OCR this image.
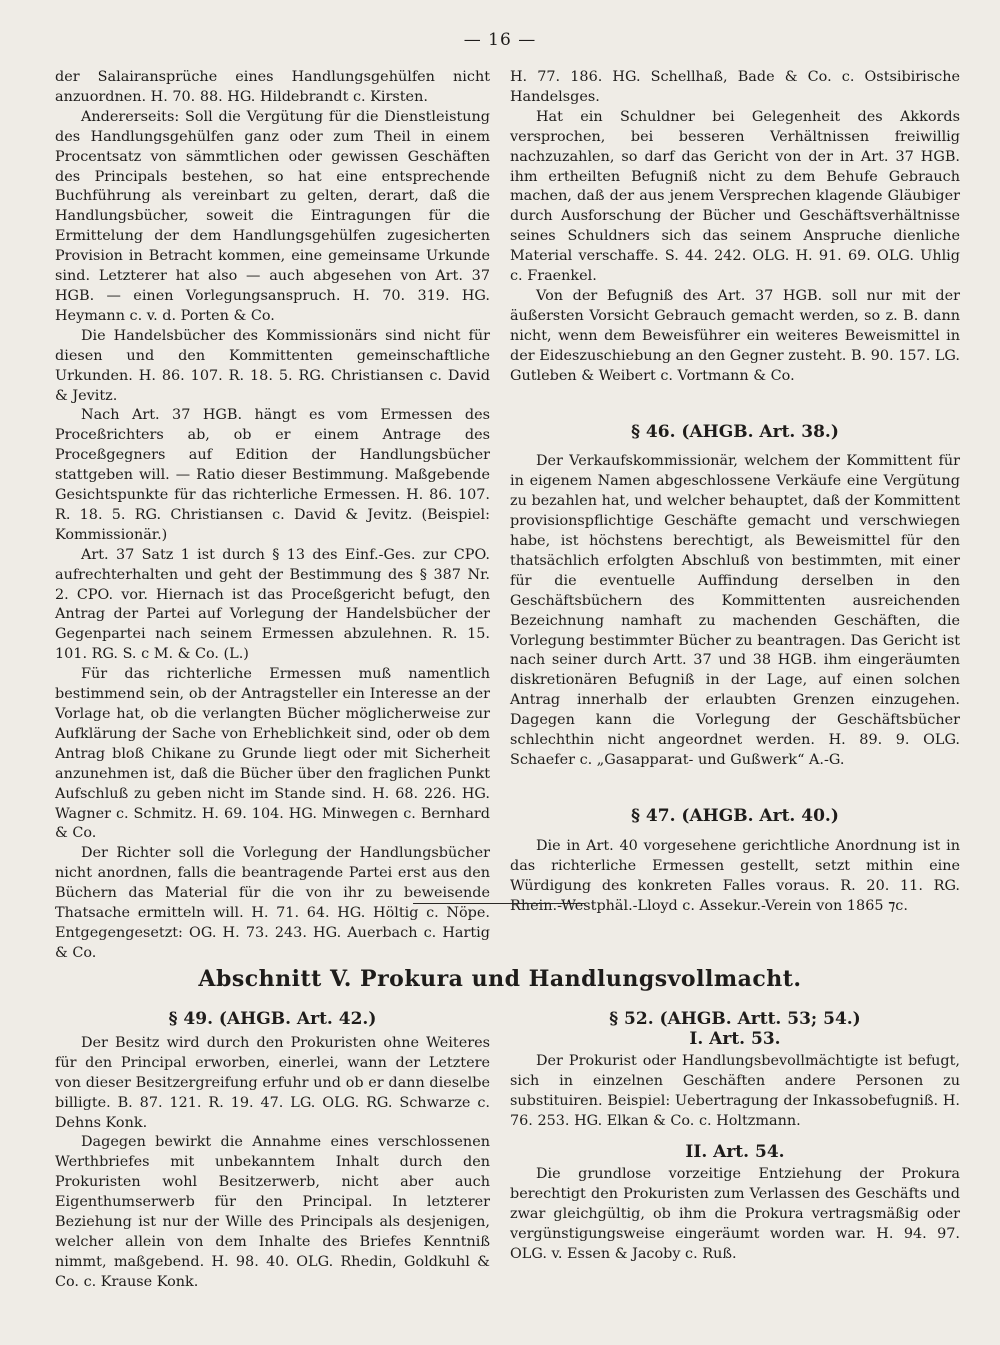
— 16 —

der Salairansprüche eines Handlungsgehülfen nicht anzuordnen. H. 70. 88. HG. Hildebrandt c. Kirsten.

Andererseits: Soll die Vergütung für die Dienstleistung des Handlungsgehülfen ganz oder zum Theil in einem Procentsatz von sämmtlichen oder gewissen Geschäften des Principals bestehen, so hat eine entsprechende Buchführung als vereinbart zu gelten, derart, daß die Handlungsbücher, soweit die Eintragungen für die Ermittelung der dem Handlungsgehülfen zugesicherten Provision in Betracht kommen, eine gemeinsame Urkunde sind. Letzterer hat also — auch abgesehen von Art. 37 HGB. — einen Vorlegungsanspruch. H. 70. 319. HG. Heymann c. v. d. Porten & Co.

Die Handelsbücher des Kommissionärs sind nicht für diesen und den Kommittenten gemeinschaftliche Urkunden. H. 86. 107. R. 18. 5. RG. Christiansen c. David & Jevitz.

Nach Art. 37 HGB. hängt es vom Ermessen des Proceßrichters ab, ob er einem Antrage des Proceßgegners auf Edition der Handlungsbücher stattgeben will. — Ratio dieser Bestimmung. Maßgebende Gesichtspunkte für das richterliche Ermessen. H. 86. 107. R. 18. 5. RG. Christiansen c. David & Jevitz. (Beispiel: Kommissionär.)

Art. 37 Satz 1 ist durch § 13 des Einf.-Ges. zur CPO. aufrechterhalten und geht der Bestimmung des § 387 Nr. 2. CPO. vor. Hiernach ist das Proceßgericht befugt, den Antrag der Partei auf Vorlegung der Handelsbücher der Gegenpartei nach seinem Ermessen abzulehnen. R. 15. 101. RG. S. c M. & Co. (L.)

Für das richterliche Ermessen muß namentlich bestimmend sein, ob der Antragsteller ein Interesse an der Vorlage hat, ob die verlangten Bücher möglicherweise zur Aufklärung der Sache von Erheblichkeit sind, oder ob dem Antrag bloß Chikane zu Grunde liegt oder mit Sicherheit anzunehmen ist, daß die Bücher über den fraglichen Punkt Aufschluß zu geben nicht im Stande sind. H. 68. 226. HG. Wagner c. Schmitz. H. 69. 104. HG. Minwegen c. Bernhard & Co.

Der Richter soll die Vorlegung der Handlungsbücher nicht anordnen, falls die beantragende Partei erst aus den Büchern das Material für die von ihr zu beweisende Thatsache ermitteln will. H. 71. 64. HG. Höltig c. Nöpe. Entgegengesetzt: OG. H. 73. 243. HG. Auerbach c. Hartig & Co.

H. 77. 186. HG. Schellhaß, Bade & Co. c. Ostsibirische Handelsges.

Hat ein Schuldner bei Gelegenheit des Akkords versprochen, bei besseren Verhältnissen freiwillig nachzuzahlen, so darf das Gericht von der in Art. 37 HGB. ihm ertheilten Befugniß nicht zu dem Behufe Gebrauch machen, daß der aus jenem Versprechen klagende Gläubiger durch Ausforschung der Bücher und Geschäftsverhältnisse seines Schuldners sich das seinem Anspruche dienliche Material verschaffe. S. 44. 242. OLG. H. 91. 69. OLG. Uhlig c. Fraenkel.

Von der Befugniß des Art. 37 HGB. soll nur mit der äußersten Vorsicht Gebrauch gemacht werden, so z. B. dann nicht, wenn dem Beweisführer ein weiteres Beweismittel in der Eideszuschiebung an den Gegner zusteht. B. 90. 157. LG. Gutleben & Weibert c. Vortmann & Co.

§ 46. (AHGB. Art. 38.)

Der Verkaufskommissionär, welchem der Kommittent für in eigenem Namen abgeschlossene Verkäufe eine Vergütung zu bezahlen hat, und welcher behauptet, daß der Kommittent provisionspflichtige Geschäfte gemacht und verschwiegen habe, ist höchstens berechtigt, als Beweismittel für den thatsächlich erfolgten Abschluß von bestimmten, mit einer für die eventuelle Auffindung derselben in den Geschäftsbüchern des Kommittenten ausreichenden Bezeichnung namhaft zu machenden Geschäften, die Vorlegung bestimmter Bücher zu beantragen. Das Gericht ist nach seiner durch Artt. 37 und 38 HGB. ihm eingeräumten diskretionären Befugniß in der Lage, auf einen solchen Antrag innerhalb der erlaubten Grenzen einzugehen. Dagegen kann die Vorlegung der Geschäftsbücher schlechthin nicht angeordnet werden. H. 89. 9. OLG. Schaefer c. „Gasapparat- und Gußwerk“ A.-G.

§ 47. (AHGB. Art. 40.)

Die in Art. 40 vorgesehene gerichtliche Anordnung ist in das richterliche Ermessen gestellt, setzt mithin eine Würdigung des konkreten Falles voraus. R. 20. 11. RG. Rhein.-Westphäl.-Lloyd c. Assekur.-Verein von 1865 ⁊c.

Abschnitt V. Prokura und Handlungsvollmacht.

§ 49. (AHGB. Art. 42.)

Der Besitz wird durch den Prokuristen ohne Weiteres für den Principal erworben, einerlei, wann der Letztere von dieser Besitzergreifung erfuhr und ob er dann dieselbe billigte. B. 87. 121. R. 19. 47. LG. OLG. RG. Schwarze c. Dehns Konk.

Dagegen bewirkt die Annahme eines verschlossenen Werthbriefes mit unbekanntem Inhalt durch den Prokuristen wohl Besitzerwerb, nicht aber auch Eigenthumserwerb für den Principal. In letzterer Beziehung ist nur der Wille des Principals als desjenigen, welcher allein von dem Inhalte des Briefes Kenntniß nimmt, maßgebend. H. 98. 40. OLG. Rhedin, Goldkuhl & Co. c. Krause Konk.

§ 52. (AHGB. Artt. 53; 54.)

I. Art. 53.

Der Prokurist oder Handlungsbevollmächtigte ist befugt, sich in einzelnen Geschäften andere Personen zu substituiren. Beispiel: Uebertragung der Inkassobefugniß. H. 76. 253. HG. Elkan & Co. c. Holtzmann.

II. Art. 54.

Die grundlose vorzeitige Entziehung der Prokura berechtigt den Prokuristen zum Verlassen des Geschäfts und zwar gleichgültig, ob ihm die Prokura vertragsmäßig oder vergünstigungsweise eingeräumt worden war. H. 94. 97. OLG. v. Essen & Jacoby c. Ruß.
